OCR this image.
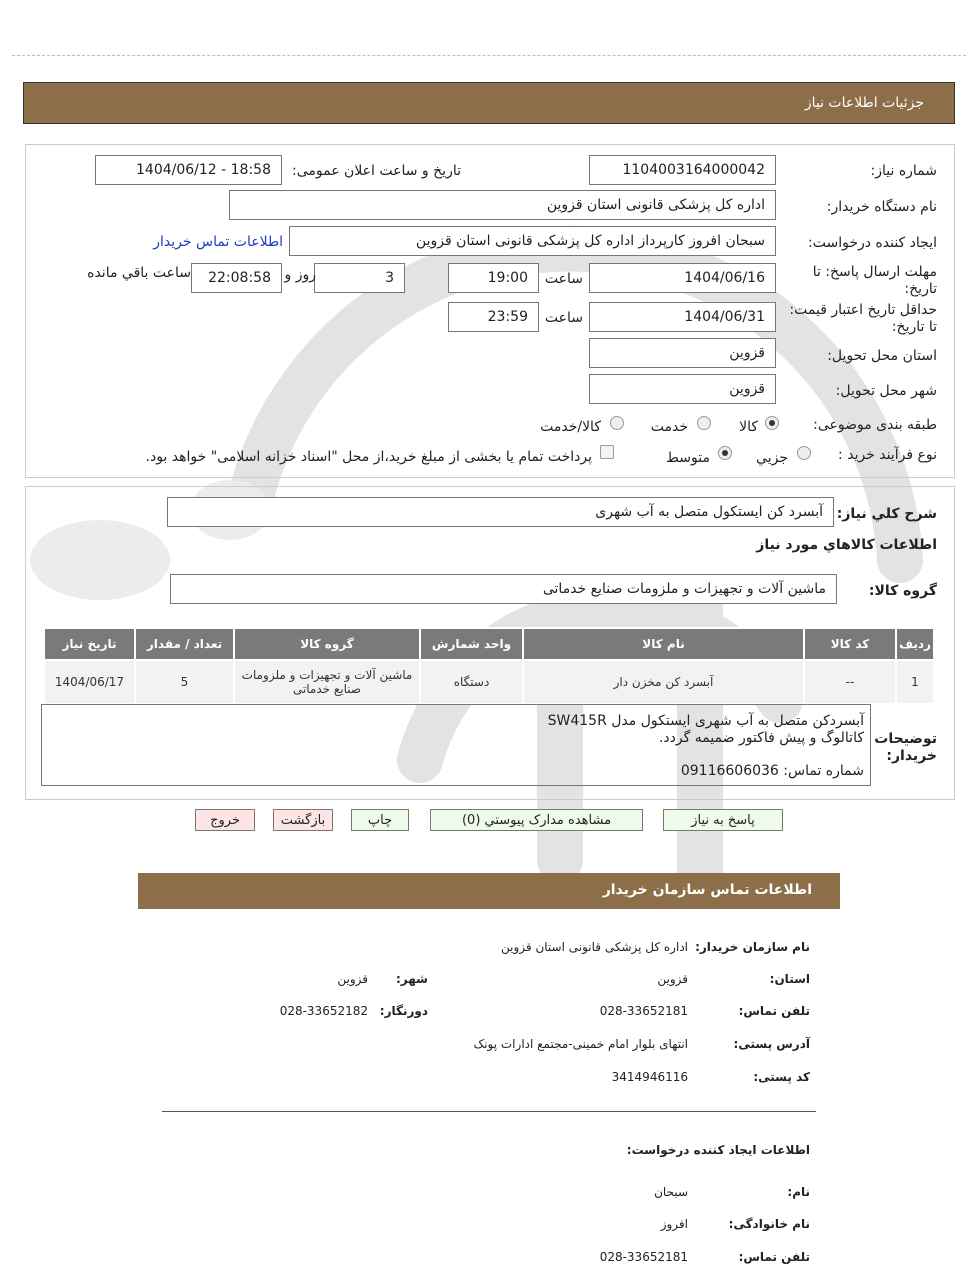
جزئیات اطلاعات نیاز
شماره نیاز:
1104003164000042
تاریخ و ساعت اعلان عمومی:
1404/06/12 - 18:58
نام دستگاه خریدار:
اداره کل پزشکی قانونی استان قزوین
ایجاد کننده درخواست:
سبحان افروز کارپرداز اداره کل پزشکی قانونی استان قزوین
اطلاعات تماس خریدار
مهلت ارسال پاسخ: تا
تاریخ:
1404/06/16
ساعت
19:00
3
روز و
22:08:58
ساعت باقي مانده
حداقل تاریخ اعتبار قیمت:
تا تاریخ:
1404/06/31
ساعت
23:59
استان محل تحویل:
قزوین
شهر محل تحویل:
قزوین
طبقه بندی موضوعی:
کالا
خدمت
کالا/خدمت
نوع فرآیند خرید :
جزيي
متوسط
پرداخت تمام یا بخشی از مبلغ خرید،از محل "اسناد خزانه اسلامی" خواهد بود.
شرح كلي نياز:
آبسرد کن ایستکول متصل به آب شهری
اطلاعات كالاهاي مورد نياز
گروه کالا:
ماشین آلات و تجهیزات و ملزومات صنایع خدماتی
رديف	كد كالا	نام كالا	واحد شمارش	گروه كالا	تعداد / مقدار	تاريخ نياز
1	--	آبسرد کن مخزن دار	دستگاه	ماشین آلات و تجهیزات و ملزومات صنایع خدماتی	5	1404/06/17
توضیحات
خریدار:
آبسردکن متصل به آب شهری ایستکول مدل SW415R
کاتالوگ و پیش فاکتور ضمیمه گردد.
شماره تماس: 09116606036
پاسخ به نیاز
مشاهده مدارک پیوستي (0)
چاپ
بازگشت
خروج
اطلاعات تماس سازمان خریدار
نام سازمان خریدار:
اداره کل پزشکی قانونی استان قزوین
استان:
قزوین
شهر:
قزوین
تلفن تماس:
028-33652181
دورنگار:
028-33652182
آدرس پستی:
انتهای بلوار امام خمینی-مجتمع ادارات پونک
کد پستی:
3414946116
اطلاعات ایجاد کننده درخواست:
نام:
سبحان
نام خانوادگی:
افروز
تلفن تماس:
028-33652181
